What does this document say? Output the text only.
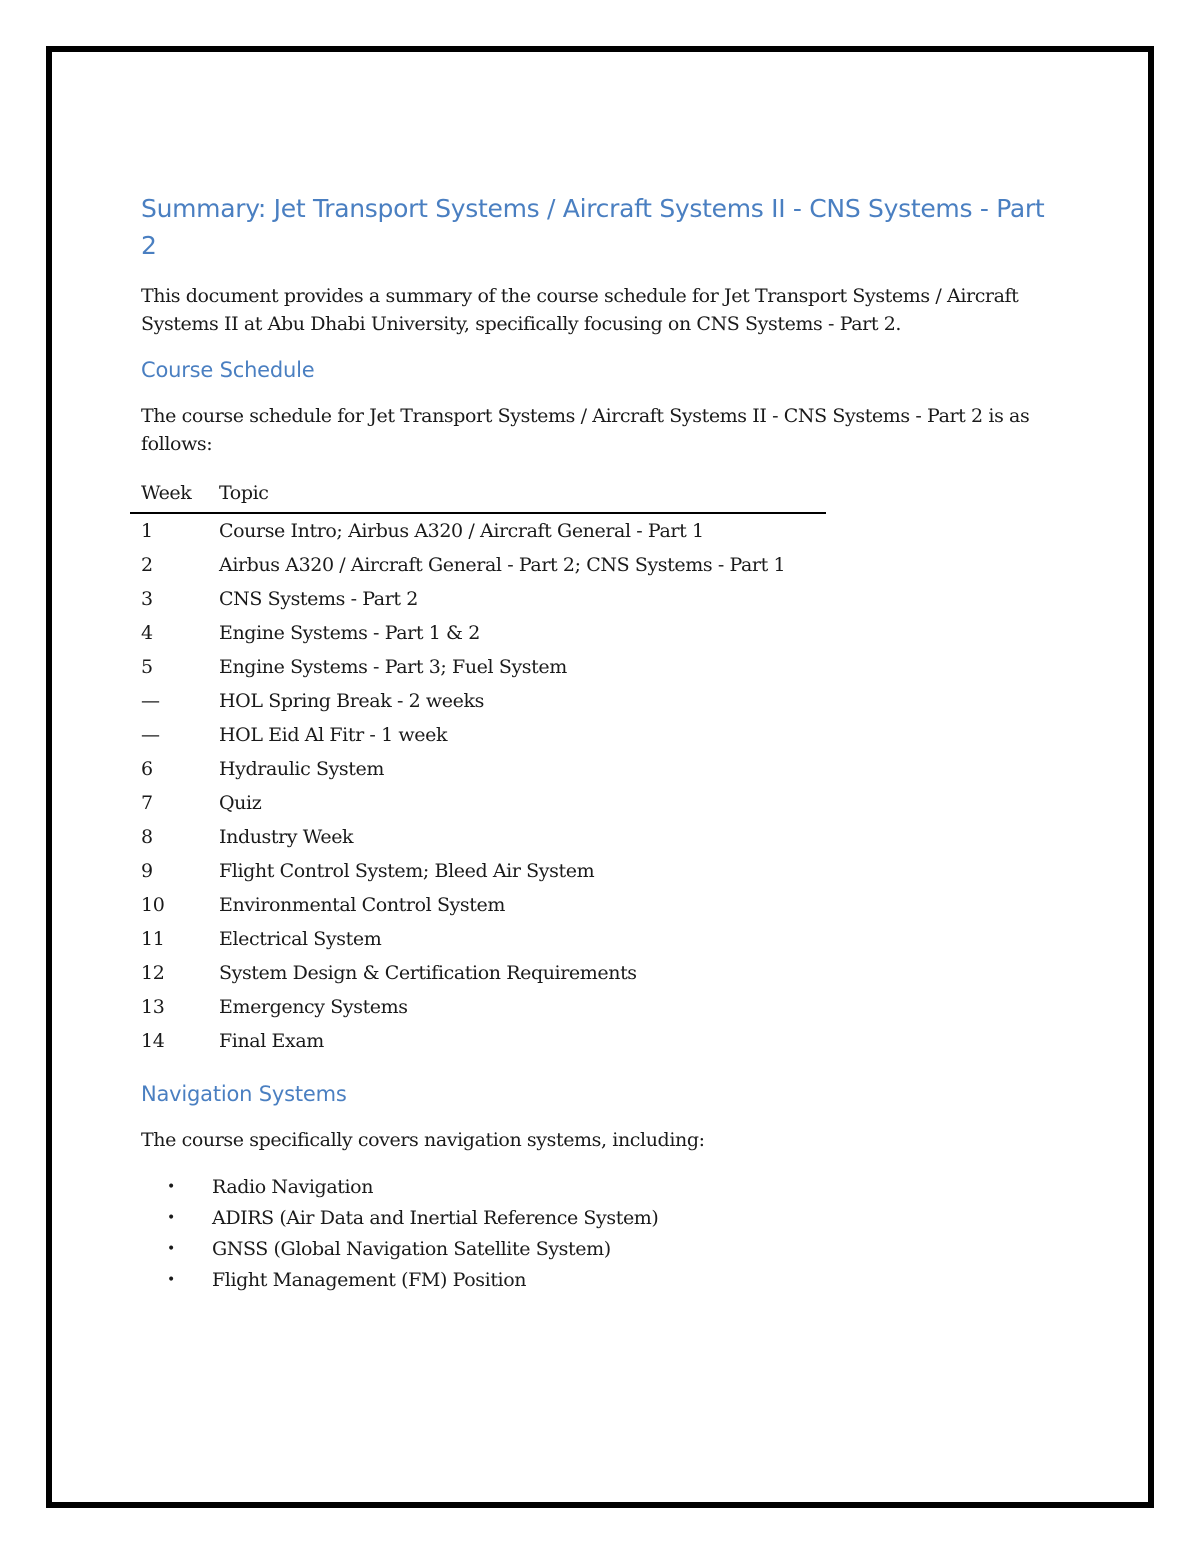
Summary: Jet Transport Systems / Aircraft Systems II - CNS Systems - Part 2

This document provides a summary of the course schedule for Jet Transport Systems / Aircraft Systems II at Abu Dhabi University, specifically focusing on CNS Systems - Part 2.

Course Schedule

The course schedule for Jet Transport Systems / Aircraft Systems II - CNS Systems - Part 2 is as follows:

Week	Topic
1	Course Intro; Airbus A320 / Aircraft General - Part 1
2	Airbus A320 / Aircraft General - Part 2; CNS Systems - Part 1
3	CNS Systems - Part 2
4	Engine Systems - Part 1 & 2
5	Engine Systems - Part 3; Fuel System
—	HOL Spring Break - 2 weeks
—	HOL Eid Al Fitr - 1 week
6	Hydraulic System
7	Quiz
8	Industry Week
9	Flight Control System; Bleed Air System
10	Environmental Control System
11	Electrical System
12	System Design & Certification Requirements
13	Emergency Systems
14	Final Exam
Navigation Systems

The course specifically covers navigation systems, including:

• Radio Navigation
• ADIRS (Air Data and Inertial Reference System)
• GNSS (Global Navigation Satellite System)
• Flight Management (FM) Position
